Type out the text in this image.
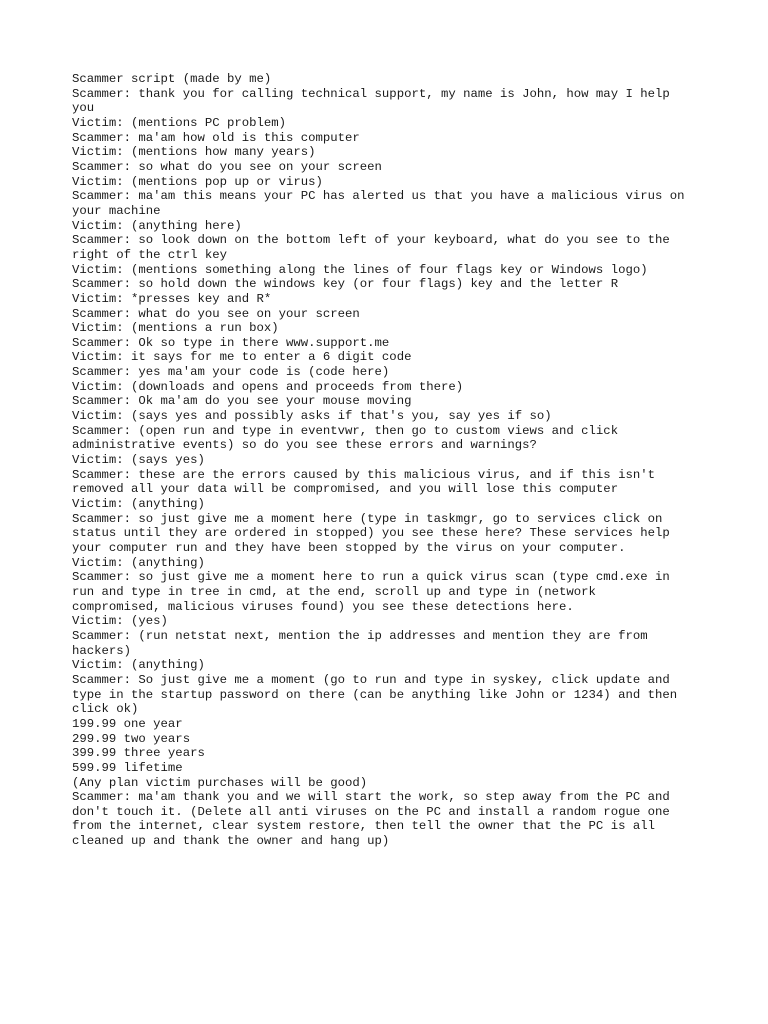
Scammer script (made by me)
Scammer: thank you for calling technical support, my name is John, how may I help
you
Victim: (mentions PC problem)
Scammer: ma'am how old is this computer
Victim: (mentions how many years)
Scammer: so what do you see on your screen
Victim: (mentions pop up or virus)
Scammer: ma'am this means your PC has alerted us that you have a malicious virus on
your machine
Victim: (anything here)
Scammer: so look down on the bottom left of your keyboard, what do you see to the
right of the ctrl key
Victim: (mentions something along the lines of four flags key or Windows logo)
Scammer: so hold down the windows key (or four flags) key and the letter R
Victim: *presses key and R*
Scammer: what do you see on your screen
Victim: (mentions a run box)
Scammer: Ok so type in there www.support.me
Victim: it says for me to enter a 6 digit code
Scammer: yes ma'am your code is (code here)
Victim: (downloads and opens and proceeds from there)
Scammer: Ok ma'am do you see your mouse moving
Victim: (says yes and possibly asks if that's you, say yes if so)
Scammer: (open run and type in eventvwr, then go to custom views and click
administrative events) so do you see these errors and warnings?
Victim: (says yes)
Scammer: these are the errors caused by this malicious virus, and if this isn't
removed all your data will be compromised, and you will lose this computer
Victim: (anything)
Scammer: so just give me a moment here (type in taskmgr, go to services click on
status until they are ordered in stopped) you see these here? These services help
your computer run and they have been stopped by the virus on your computer.
Victim: (anything)
Scammer: so just give me a moment here to run a quick virus scan (type cmd.exe in
run and type in tree in cmd, at the end, scroll up and type in (network
compromised, malicious viruses found) you see these detections here.
Victim: (yes)
Scammer: (run netstat next, mention the ip addresses and mention they are from
hackers)
Victim: (anything)
Scammer: So just give me a moment (go to run and type in syskey, click update and
type in the startup password on there (can be anything like John or 1234) and then
click ok)
199.99 one year
299.99 two years
399.99 three years
599.99 lifetime
(Any plan victim purchases will be good)
Scammer: ma'am thank you and we will start the work, so step away from the PC and
don't touch it. (Delete all anti viruses on the PC and install a random rogue one
from the internet, clear system restore, then tell the owner that the PC is all
cleaned up and thank the owner and hang up)
